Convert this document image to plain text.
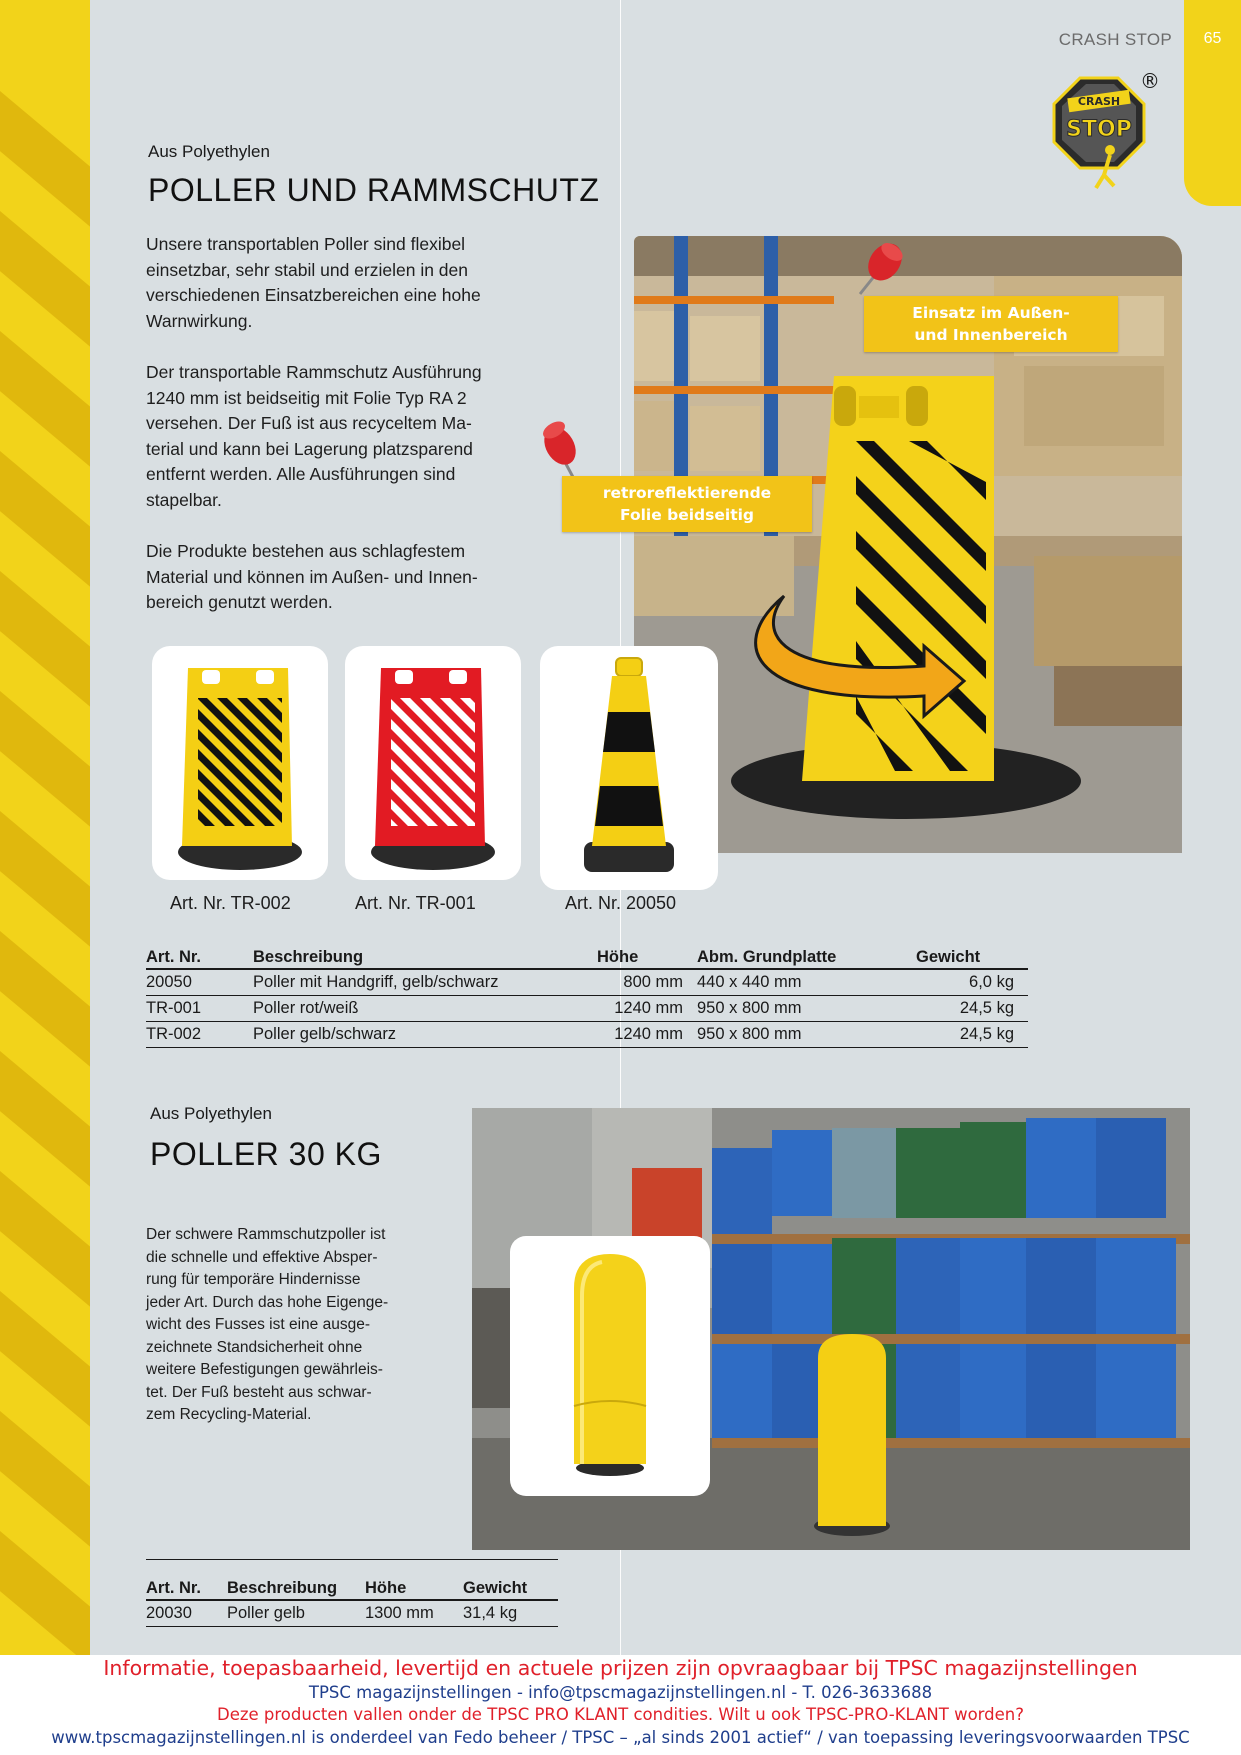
65
CRASH STOP
CRASH
STOP
®
Aus Polyethylen
POLLER UND RAMMSCHUTZ
Unsere transportablen Poller sind flexibel
einsetzbar, sehr stabil und erzielen in den
verschiedenen Einsatzbereichen eine hohe
Warnwirkung.
Der transportable Rammschutz Ausführung
1240 mm ist beidseitig mit Folie Typ RA 2
versehen. Der Fuß ist aus recyceltem Ma-
terial und kann bei Lagerung platzsparend
entfernt werden. Alle Ausführungen sind
stapelbar.
Die Produkte bestehen aus schlagfestem
Material und können im Außen- und Innen-
bereich genutzt werden.
Einsatz im Außen-
und Innenbereich
retroreflektierende
Folie beidseitig
Art. Nr. TR-002	Art. Nr. TR-001	Art. Nr. 20050
Art. Nr.	Beschreibung	Höhe	Abm. Grundplatte	Gewicht
20050	Poller mit Handgriff, gelb/schwarz	800 mm	440 x 440 mm	6,0 kg
TR-001	Poller rot/weiß	1240 mm	950 x 800 mm	24,5 kg
TR-002	Poller gelb/schwarz	1240 mm	950 x 800 mm	24,5 kg
Aus Polyethylen
POLLER 30 KG
Der schwere Rammschutzpoller ist
die schnelle und effektive Absper-
rung für temporäre Hindernisse
jeder Art. Durch das hohe Eigenge-
wicht des Fusses ist eine ausge-
zeichnete Standsicherheit ohne
weitere Befestigungen gewährleis-
tet. Der Fuß besteht aus schwar-
zem Recycling-Material.
Art. Nr.	Beschreibung	Höhe	Gewicht
20030	Poller gelb	1300 mm	31,4 kg
Informatie, toepasbaarheid, levertijd en actuele prijzen zijn opvraagbaar bij TPSC magazijnstellingen
TPSC magazijnstellingen - info@tpscmagazijnstellingen.nl - T. 026-3633688
Deze producten vallen onder de TPSC PRO KLANT condities. Wilt u ook TPSC-PRO-KLANT worden?
www.tpscmagazijnstellingen.nl is onderdeel van Fedo beheer / TPSC – „al sinds 2001 actief“ / van toepassing leveringsvoorwaarden TPSC
